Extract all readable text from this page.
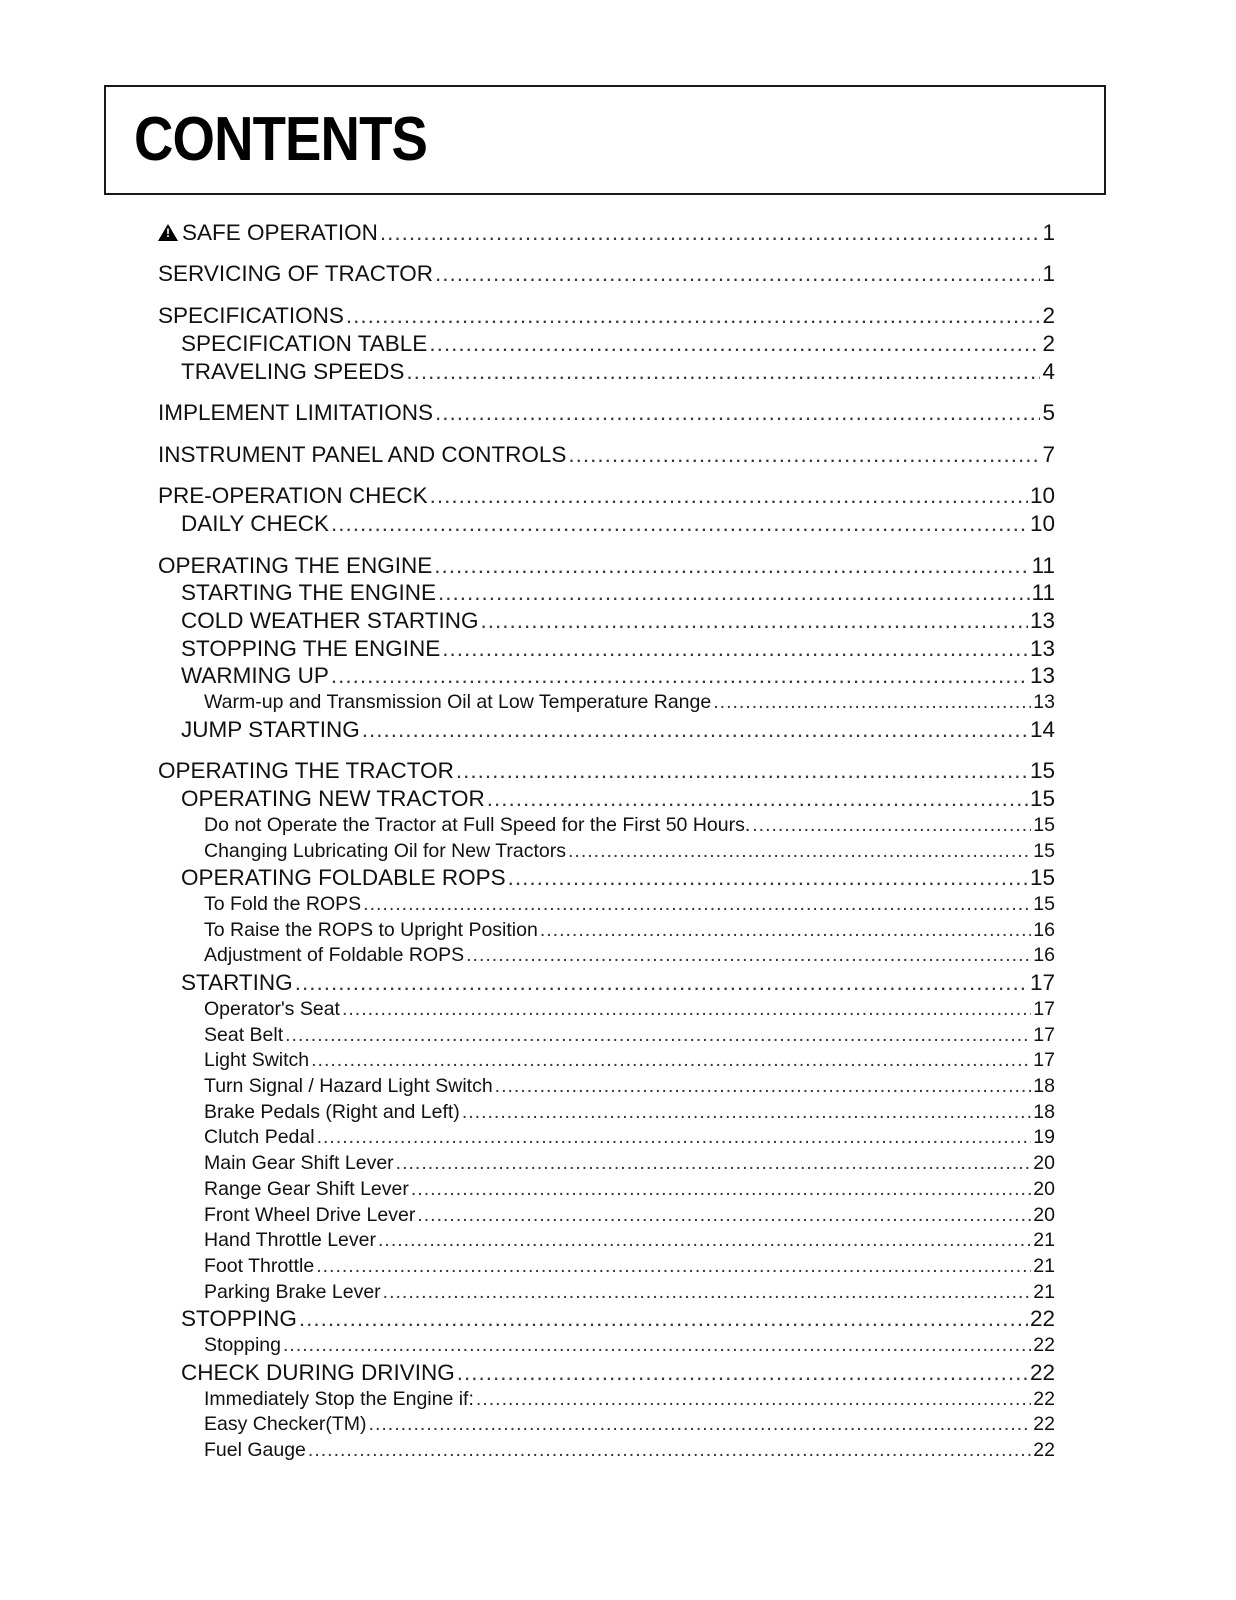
CONTENTS
!SAFE OPERATION .....	1
SERVICING OF TRACTOR .....	1
SPECIFICATIONS .....	2
SPECIFICATION TABLE .....	2
TRAVELING SPEEDS .....	4
IMPLEMENT LIMITATIONS .....	5
INSTRUMENT PANEL AND CONTROLS .....	7
PRE-OPERATION CHECK .....	10
DAILY CHECK .....	10
OPERATING THE ENGINE .....	11
STARTING THE ENGINE .....	11
COLD WEATHER STARTING .....	13
STOPPING THE ENGINE .....	13
WARMING UP .....	13
Warm-up and Transmission Oil at Low Temperature Range .....	13
JUMP STARTING .....	14
OPERATING THE TRACTOR .....	15
OPERATING NEW TRACTOR .....	15
Do not Operate the Tractor at Full Speed for the First 50 Hours. .....	15
Changing Lubricating Oil for New Tractors .....	15
OPERATING FOLDABLE ROPS .....	15
To Fold the ROPS .....	15
To Raise the ROPS to Upright Position .....	16
Adjustment of Foldable ROPS .....	16
STARTING .....	17
Operator's Seat .....	17
Seat Belt .....	17
Light Switch .....	17
Turn Signal / Hazard Light Switch .....	18
Brake Pedals (Right and Left) .....	18
Clutch Pedal .....	19
Main Gear Shift Lever .....	20
Range Gear Shift Lever .....	20
Front Wheel Drive Lever .....	20
Hand Throttle Lever .....	21
Foot Throttle .....	21
Parking Brake Lever .....	21
STOPPING .....	22
Stopping .....	22
CHECK DURING DRIVING .....	22
Immediately Stop the Engine if: .....	22
Easy Checker(TM) .....	22
Fuel Gauge .....	22
